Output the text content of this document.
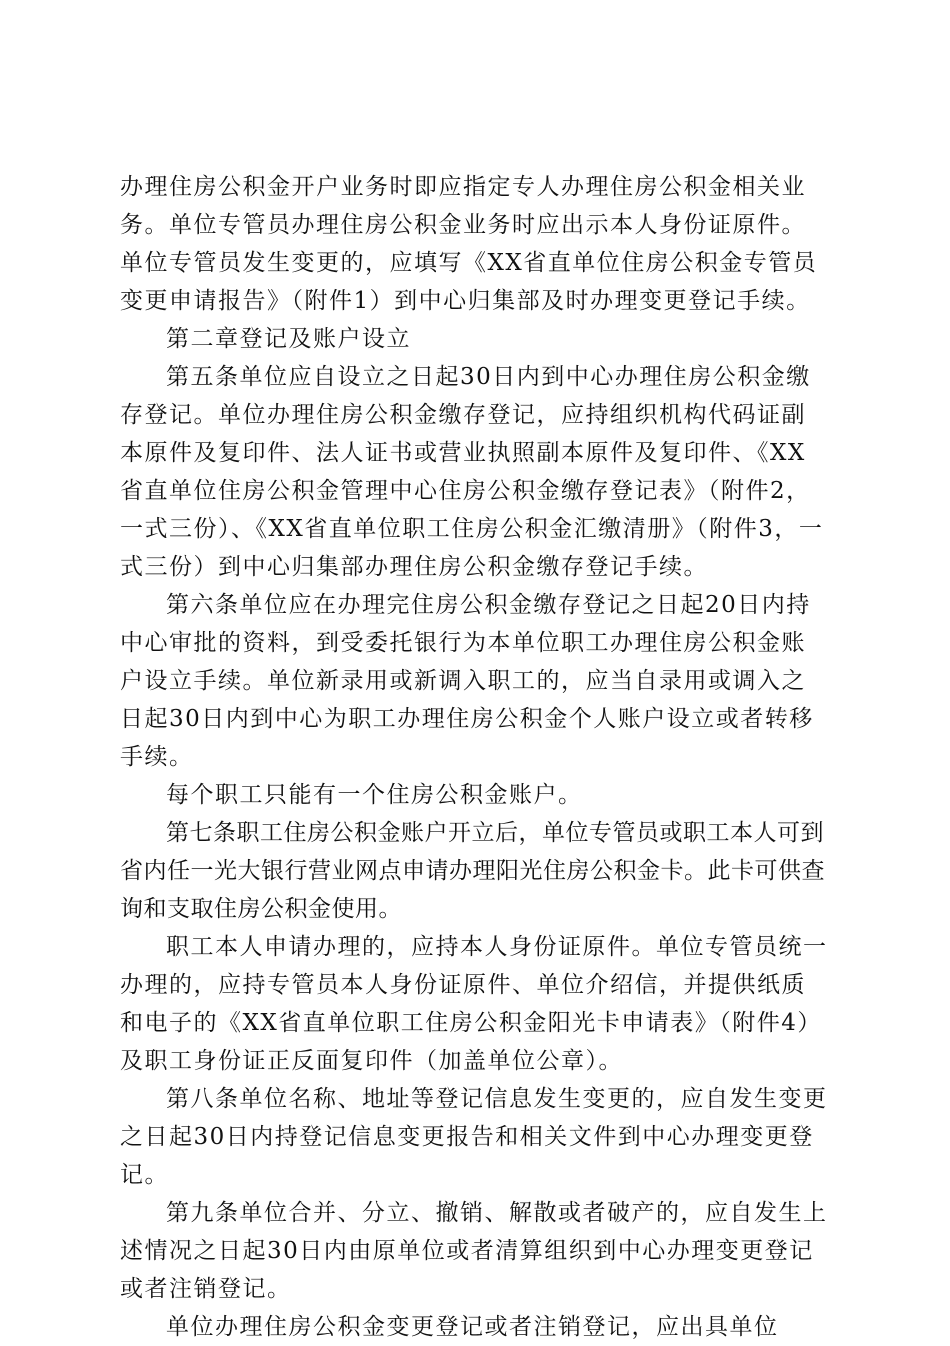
办理住房公积金开户业务时即应指定专人办理住房公积金相关业务。单位专管员办理住房公积金业务时应出示本人身份证原件。单位专管员发生变更的，应填写《XX省直单位住房公积金专管员变更申请报告》（附件1）到中心归集部及时办理变更登记手续。

第二章登记及账户设立

第五条单位应自设立之日起30日内到中心办理住房公积金缴存登记。单位办理住房公积金缴存登记，应持组织机构代码证副本原件及复印件、法人证书或营业执照副本原件及复印件、《XX省直单位住房公积金管理中心住房公积金缴存登记表》（附件2，一式三份）、《XX省直单位职工住房公积金汇缴清册》（附件3，一式三份）到中心归集部办理住房公积金缴存登记手续。

第六条单位应在办理完住房公积金缴存登记之日起20日内持中心审批的资料，到受委托银行为本单位职工办理住房公积金账户设立手续。单位新录用或新调入职工的，应当自录用或调入之日起30日内到中心为职工办理住房公积金个人账户设立或者转移手续。

每个职工只能有一个住房公积金账户。

第七条职工住房公积金账户开立后，单位专管员或职工本人可到省内任一光大银行营业网点申请办理阳光住房公积金卡。此卡可供查询和支取住房公积金使用。

职工本人申请办理的，应持本人身份证原件。单位专管员统一办理的，应持专管员本人身份证原件、单位介绍信，并提供纸质和电子的《XX省直单位职工住房公积金阳光卡申请表》（附件4）及职工身份证正反面复印件（加盖单位公章）。

第八条单位名称、地址等登记信息发生变更的，应自发生变更之日起30日内持登记信息变更报告和相关文件到中心办理变更登记。

第九条单位合并、分立、撤销、解散或者破产的，应自发生上述情况之日起30日内由原单位或者清算组织到中心办理变更登记或者注销登记。

单位办理住房公积金变更登记或者注销登记，应出具单位
